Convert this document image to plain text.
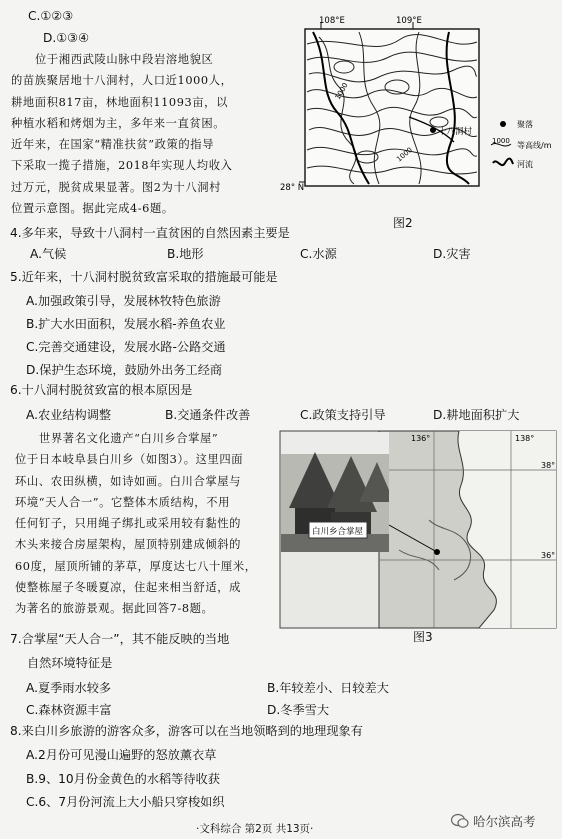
C.①②③
D.①③④
位于湘西武陵山脉中段岩溶地貌区
的苗族聚居地十八洞村，人口近1000人，
耕地面积817亩，林地面积11093亩，以
种植水稻和烤烟为主，多年来一直贫困。
近年来，在国家“精准扶贫”政策的指导
下采取一揽子措施，2018年实现人均收入
过万元，脱贫成果显著。图2为十八洞村
位置示意图。据此完成4-6题。
108°E	109°E
28° N
1000
1000
十八洞村
聚落
1000 等高线/m
河流
图2
4.多年来，导致十八洞村一直贫困的自然因素主要是
A.气候	B.地形	C.水源	D.灾害
5.近年来，十八洞村脱贫致富采取的措施最可能是
A.加强政策引导，发展林牧特色旅游
B.扩大水田面积，发展水稻-养鱼农业
C.完善交通建设，发展水路-公路交通
D.保护生态环境，鼓励外出务工经商
6.十八洞村脱贫致富的根本原因是
A.农业结构调整	B.交通条件改善	C.政策支持引导	D.耕地面积扩大
世界著名文化遗产“白川乡合掌屋”
位于日本岐阜县白川乡（如图3）。这里四面
环山、农田纵横，如诗如画。白川合掌屋与
环境“天人合一”。它整体木质结构，不用
任何钉子，只用绳子绑扎或采用较有黏性的
木头来接合房屋架构，屋顶特别建成倾斜的
60度，屋顶所铺的茅草，厚度达七八十厘米，
使整栋屋子冬暖夏凉，住起来相当舒适，成
为著名的旅游景观。据此回答7-8题。
136°	138°
38°
36°
白川乡合掌屋
图3
7.合掌屋“天人合一”，其不能反映的当地
自然环境特征是
A.夏季雨水较多	B.年较差小、日较差大
C.森林资源丰富	D.冬季雪大
8.来白川乡旅游的游客众多，游客可以在当地领略到的地理现象有
A.2月份可见漫山遍野的怒放薰衣草
B.9、10月份金黄色的水稻等待收获
C.6、7月份河流上大小船只穿梭如织
·文科综合 第2页 共13页·	哈尔滨高考
